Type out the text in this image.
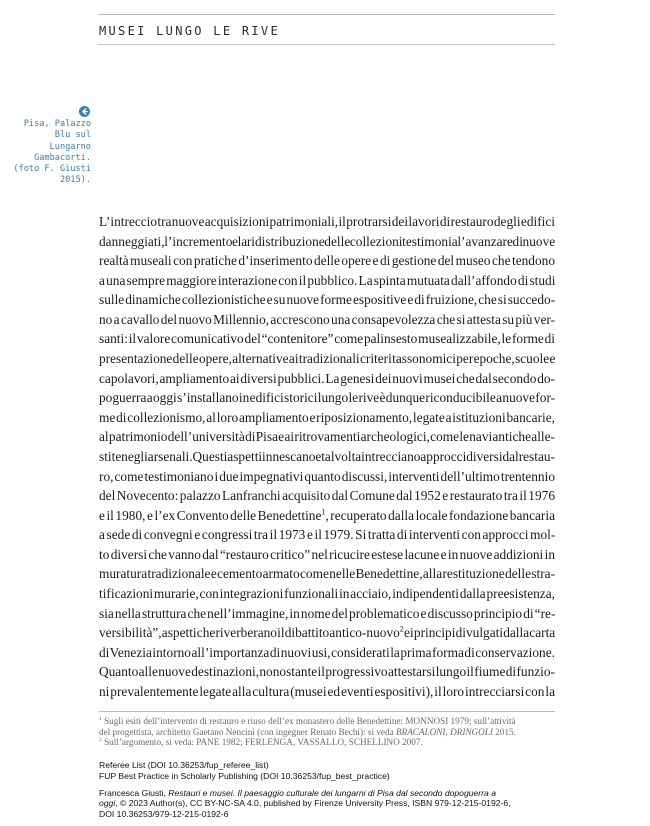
MUSEI LUNGO LE RIVE
Pisa, Palazzo
Blu sul
Lungarno
Gambacorti.
(foto F. Giusti
2015).
L’intreccio tra nuove acquisizioni patrimoniali, il protrarsi dei lavori di restauro degli edifici
danneggiati, l’incremento e la ridistribuzione delle collezioni testimonia l’avanzare di nuove
realtà museali con pratiche d’inserimento delle opere e di gestione del museo che tendono
a una sempre maggiore interazione con il pubblico. La spinta mutuata dall’affondo di studi
sulle dinamiche collezionistiche e su nuove forme espositive e di fruizione, che si succedo-
no a cavallo del nuovo Millennio, accrescono una consapevolezza che si attesta su più ver-
santi: il valore comunicativo del “contenitore” come palinsesto musealizzabile, le forme di
presentazione delle opere, alternative ai tradizionali criteri tassonomici per epoche, scuole e
capolavori, ampliamento ai diversi pubblici. La genesi dei nuovi musei che dal secondo do-
poguerra a oggi s’installano in edifici storici lungo le rive è dunque riconducibile a nuove for-
me di collezionismo, al loro ampliamento e riposizionamento, legate a istituzioni bancarie,
al patrimonio dell’università di Pisa e ai ritrovamenti archeologici, come le navi antiche alle-
stite negli arsenali. Questi aspetti innescano e talvolta intrecciano approcci diversi dal restau-
ro, come testimoniano i due impegnativi quanto discussi, interventi dell’ultimo trentennio
del Novecento: palazzo Lanfranchi acquisito dal Comune dal 1952 e restaurato tra il 1976
e il 1980, e l’ex Convento delle Benedettine$^1$, recuperato dalla locale fondazione bancaria
a sede di convegni e congressi tra il 1973 e il 1979. Si tratta di interventi con approcci mol-
to diversi che vanno dal “restauro critico” nel ricucire estese lacune e in nuove addizioni in
muratura tradizionale e cemento armato come nelle Benedettine, alla restituzione delle stra-
tificazioni murarie, con integrazioni funzionali in acciaio, indipendenti dalla preesistenza,
sia nella struttura che nell’immagine, in nome del problematico e discusso principio di “re-
versibilità”, aspetti che riverberano il dibattito antico-nuovo$^2$ e i principi divulgati dalla carta
di Venezia intorno all’importanza di nuovi usi, considerati la prima forma di conservazione.
Quanto alle nuove destinazioni, nonostante il progressivo attestarsi lungo il fiume di funzio-
ni prevalentemente legate alla cultura (musei ed eventi espositivi), il loro intrecciarsi con la
$^1$ Sugli esiti dell’intervento di restauro e riuso dell’ex monastero delle Benedettine: MONNOSI 1979; sull’attività
del progettista, architetto Gaetano Nencini (con ingegner Renato Bechi): si veda BRACALONI, DRINGOLI 2015.
$^2$ Sull’argomento, si veda: PANE 1982; FERLENGA, VASSALLO, SCHELLINO 2007.
Referee List (DOI 10.36253/fup_referee_list)
FUP Best Practice in Scholarly Publishing (DOI 10.36253/fup_best_practice)
Francesca Giusti, Restauri e musei. Il paesaggio culturale dei lungarni di Pisa dal secondo dopoguerra a
oggi, © 2023 Author(s), CC BY-NC-SA 4.0, published by Firenze University Press, ISBN 979-12-215-0192-6,
DOI 10.36253/979-12-215-0192-6
